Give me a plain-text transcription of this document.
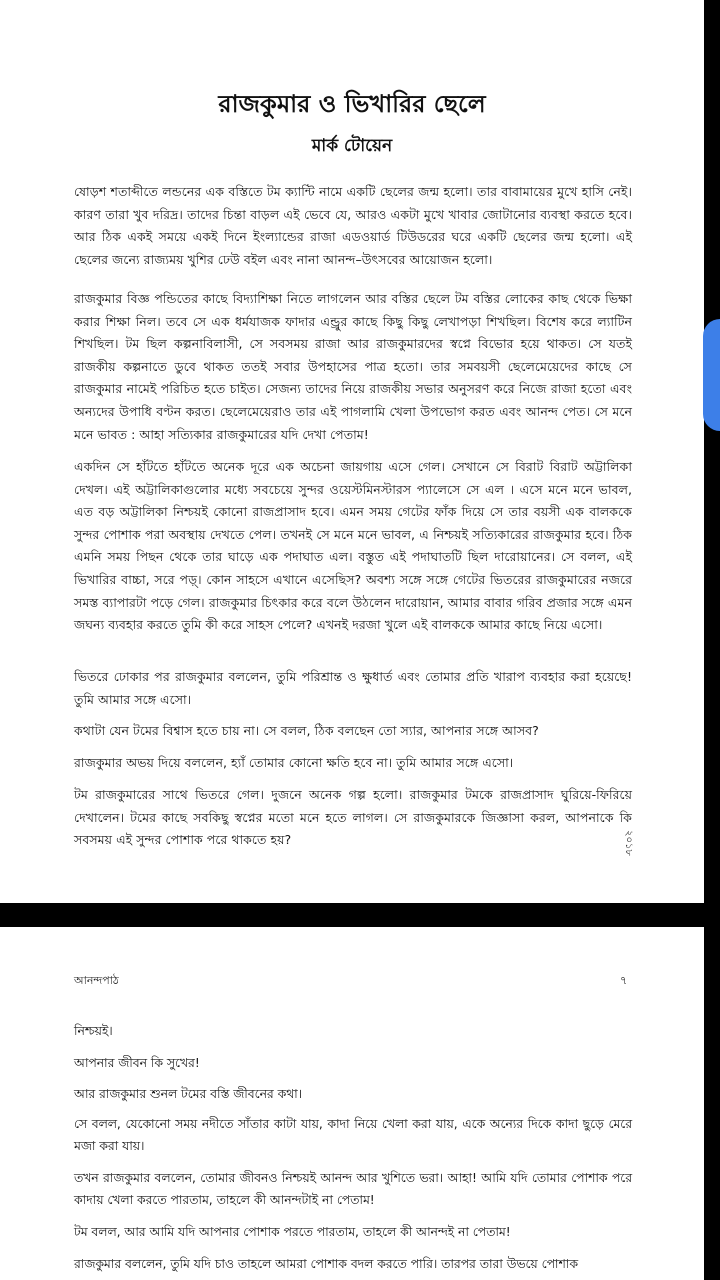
রাজকুমার ও ভিখারির ছেলে
মার্ক টোয়েন
ষোড়শ শতাব্দীতে লন্ডনের এক বস্তিতে টম ক্যান্টি নামে একটি ছেলের জন্ম হলো। তার বাবামায়ের মুখে হাসি নেই। কারণ তারা খুব দরিদ্র। তাদের চিন্তা বাড়ল এই ভেবে যে, আরও একটা মুখে খাবার জোটানোর ব্যবস্থা করতে হবে। আর ঠিক একই সময়ে একই দিনে ইংল্যান্ডের রাজা এডওয়ার্ড টিউডরের ঘরে একটি ছেলের জন্ম হলো। এই ছেলের জন্যে রাজ্যময় খুশির ঢেউ বইল এবং নানা আনন্দ–উৎসবের আয়োজন হলো।
রাজকুমার বিজ্ঞ পন্ডিতের কাছে বিদ্যাশিক্ষা নিতে লাগলেন আর বস্তির ছেলে টম বস্তির লোকের কাছ থেকে ভিক্ষা করার শিক্ষা নিল। তবে সে এক ধর্মযাজক ফাদার এন্ড্রুর কাছে কিছু কিছু লেখাপড়া শিখছিল। বিশেষ করে ল্যাটিন শিখছিল। টম ছিল কল্পনাবিলাসী, সে সবসময় রাজা আর রাজকুমারদের স্বপ্নে বিভোর হয়ে থাকত। সে যতই রাজকীয় কল্পনাতে ডুবে থাকত ততই সবার উপহাসের পাত্র হতো। তার সমবয়সী ছেলেমেয়েদের কাছে সে রাজকুমার নামেই পরিচিত হতে চাইত। সেজন্য তাদের নিয়ে রাজকীয় সভার অনুসরণ করে নিজে রাজা হতো এবং অন্যদের উপাধি বণ্টন করত। ছেলেমেয়েরাও তার এই পাগলামি খেলা উপভোগ করত এবং আনন্দ পেত। সে মনে মনে ভাবত : আহা সত্যিকার রাজকুমারের যদি দেখা পেতাম!
একদিন সে হাঁটতে হাঁটতে অনেক দূরে এক অচেনা জায়গায় এসে গেল। সেখানে সে বিরাট বিরাট অট্টালিকা দেখল। এই অট্টালিকাগুলোর মধ্যে সবচেয়ে সুন্দর ওয়েস্টমিনস্টারস প্যালেসে সে এল । এসে মনে মনে ভাবল, এত বড় অট্টালিকা নিশ্চয়ই কোনো রাজপ্রাসাদ হবে। এমন সময় গেটের ফাঁক দিয়ে সে তার বয়সী এক বালককে সুন্দর পোশাক পরা অবস্থায় দেখতে পেল। তখনই সে মনে মনে ভাবল, এ নিশ্চয়ই সত্যিকারের রাজকুমার হবে। ঠিক এমনি সময় পিছন থেকে তার ঘাড়ে এক পদাঘাত এল। বস্তুত এই পদাঘাতটি ছিল দারোয়ানের। সে বলল, এই ভিখারির বাচ্চা, সরে পড়্। কোন সাহসে এখানে এসেছিস? অবশ্য সঙ্গে সঙ্গে গেটের ভিতরের রাজকুমারের নজরে সমস্ত ব্যাপারটা পড়ে গেল। রাজকুমার চিৎকার করে বলে উঠলেন দারোয়ান, আমার বাবার গরিব প্রজার সঙ্গে এমন জঘন্য ব্যবহার করতে তুমি কী করে সাহস পেলে? এখনই দরজা খুলে এই বালককে আমার কাছে নিয়ে এসো।
ভিতরে ঢোকার পর রাজকুমার বললেন, তুমি পরিশ্রান্ত ও ক্ষুধার্ত এবং তোমার প্রতি খারাপ ব্যবহার করা হয়েছে! তুমি আমার সঙ্গে এসো।
কথাটা যেন টমের বিশ্বাস হতে চায় না। সে বলল, ঠিক বলছেন তো স্যার, আপনার সঙ্গে আসব?
রাজকুমার অভয় দিয়ে বললেন, হ্যাঁ তোমার কোনো ক্ষতি হবে না। তুমি আমার সঙ্গে এসো।
টম রাজকুমারের সাথে ভিতরে গেল। দুজনে অনেক গল্প হলো। রাজকুমার টমকে রাজপ্রাসাদ ঘুরিয়ে-ফিরিয়ে দেখালেন। টমের কাছে সবকিছু স্বপ্নের মতো মনে হতে লাগল। সে রাজকুমারকে জিজ্ঞাসা করল, আপনাকে কি সবসময় এই সুন্দর পোশাক পরে থাকতে হয়?	২০১৮
আনন্দপাঠ	৭
নিশ্চয়ই।
আপনার জীবন কি সুখের!
আর রাজকুমার শুনল টমের বস্তি জীবনের কথা।
সে বলল, যেকোনো সময় নদীতে সাঁতার কাটা যায়, কাদা নিয়ে খেলা করা যায়, একে অন্যের দিকে কাদা ছুড়ে মেরে মজা করা যায়।
তখন রাজকুমার বললেন, তোমার জীবনও নিশ্চয়ই আনন্দ আর খুশিতে ভরা। আহা! আমি যদি তোমার পোশাক পরে কাদায় খেলা করতে পারতাম, তাহলে কী আনন্দটাই না পেতাম!
টম বলল, আর আমি যদি আপনার পোশাক পরতে পারতাম, তাহলে কী আনন্দই না পেতাম!
রাজকুমার বললেন, তুমি যদি চাও তাহলে আমরা পোশাক বদল করতে পারি। তারপর তারা উভয়ে পোশাক
